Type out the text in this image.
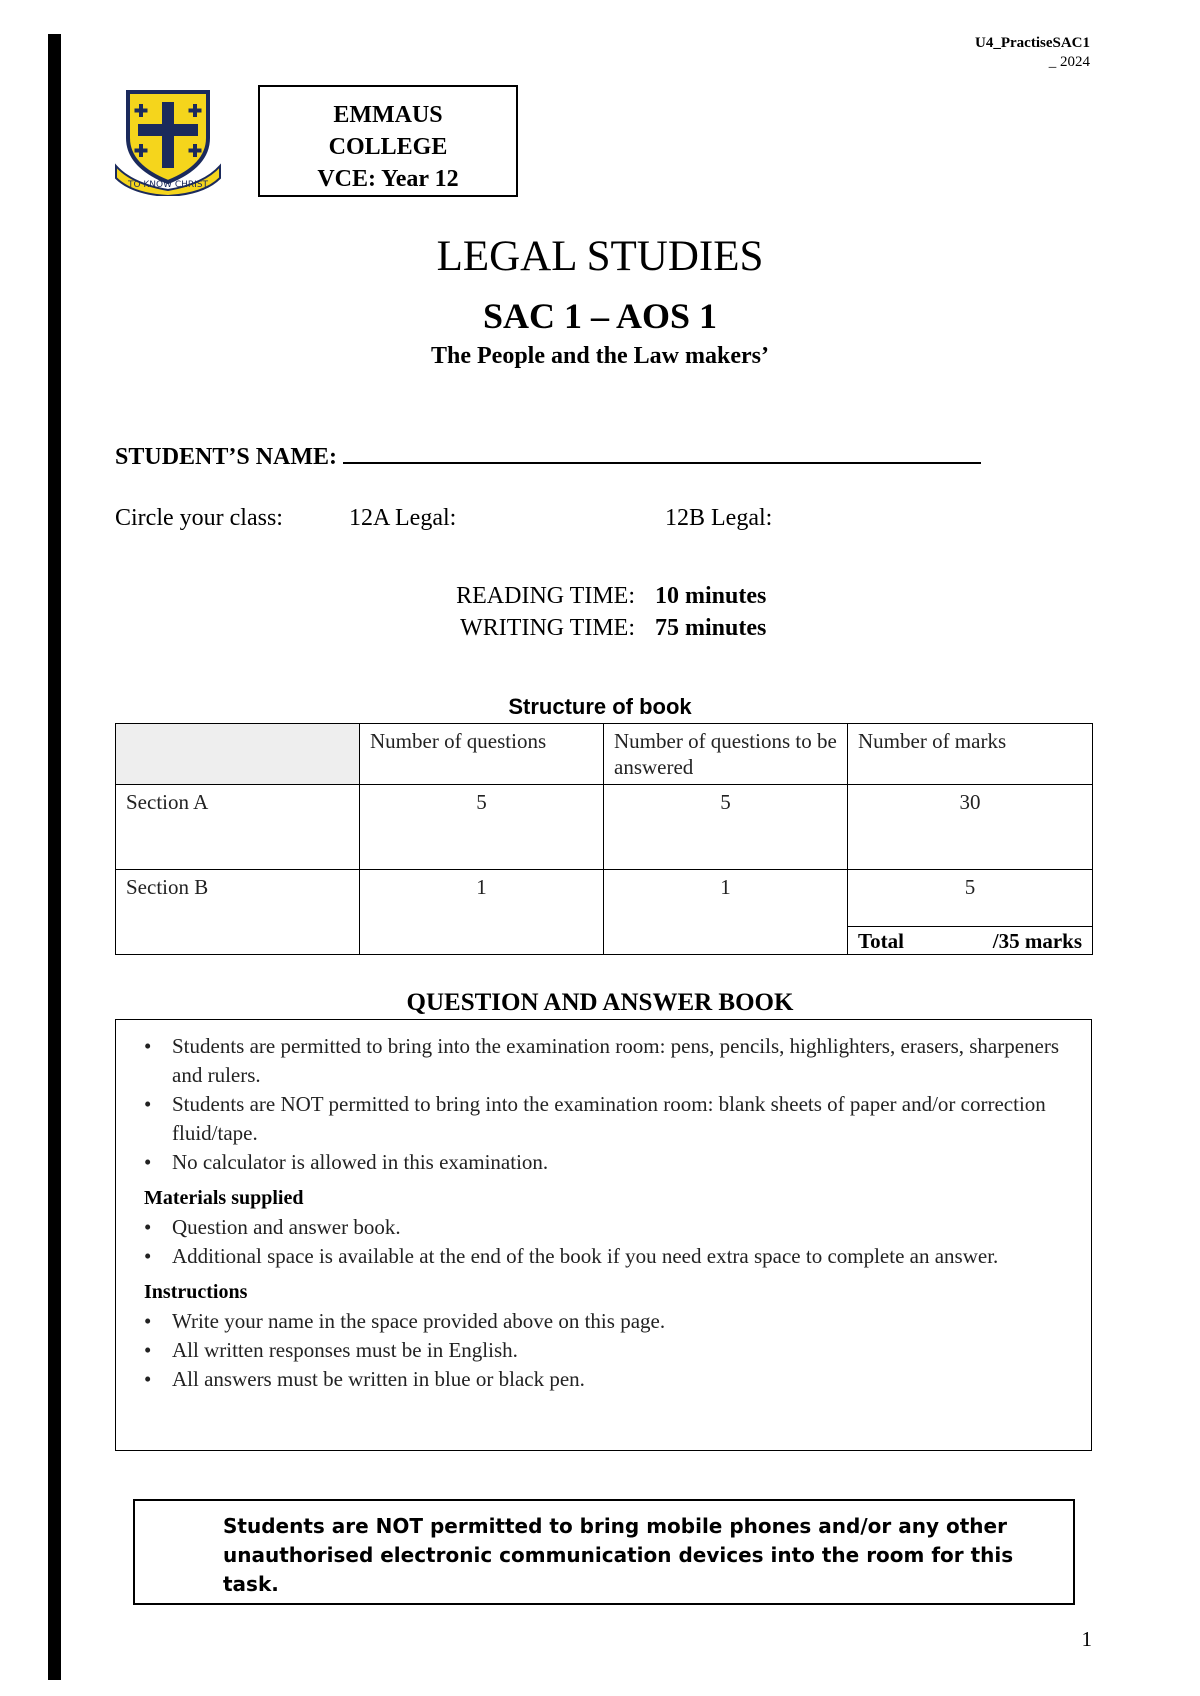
U4_PractiseSAC1
_ 2024
TO KNOW CHRIST
EMMAUS
COLLEGE
VCE: Year 12
LEGAL STUDIES
SAC 1 – AOS 1
The People and the Law makers’
STUDENT’S NAME:
Circle your class:	12A Legal:	12B Legal:
READING TIME: 10 minutes
WRITING TIME: 75 minutes
Structure of book
	Number of questions	Number of questions to be answered	Number of marks
Section A	5	5	30
Section B	1	1	5

			Total /35 marks
QUESTION AND ANSWER BOOK
• Students are permitted to bring into the examination room: pens, pencils, highlighters, erasers, sharpeners and rulers.
• Students are NOT permitted to bring into the examination room: blank sheets of paper and/or correction fluid/tape.
• No calculator is allowed in this examination.
Materials supplied
• Question and answer book.
• Additional space is available at the end of the book if you need extra space to complete an answer.
Instructions
• Write your name in the space provided above on this page.
• All written responses must be in English.
• All answers must be written in blue or black pen.
Students are NOT permitted to bring mobile phones and/or any other unauthorised electronic communication devices into the room for this task.
1
